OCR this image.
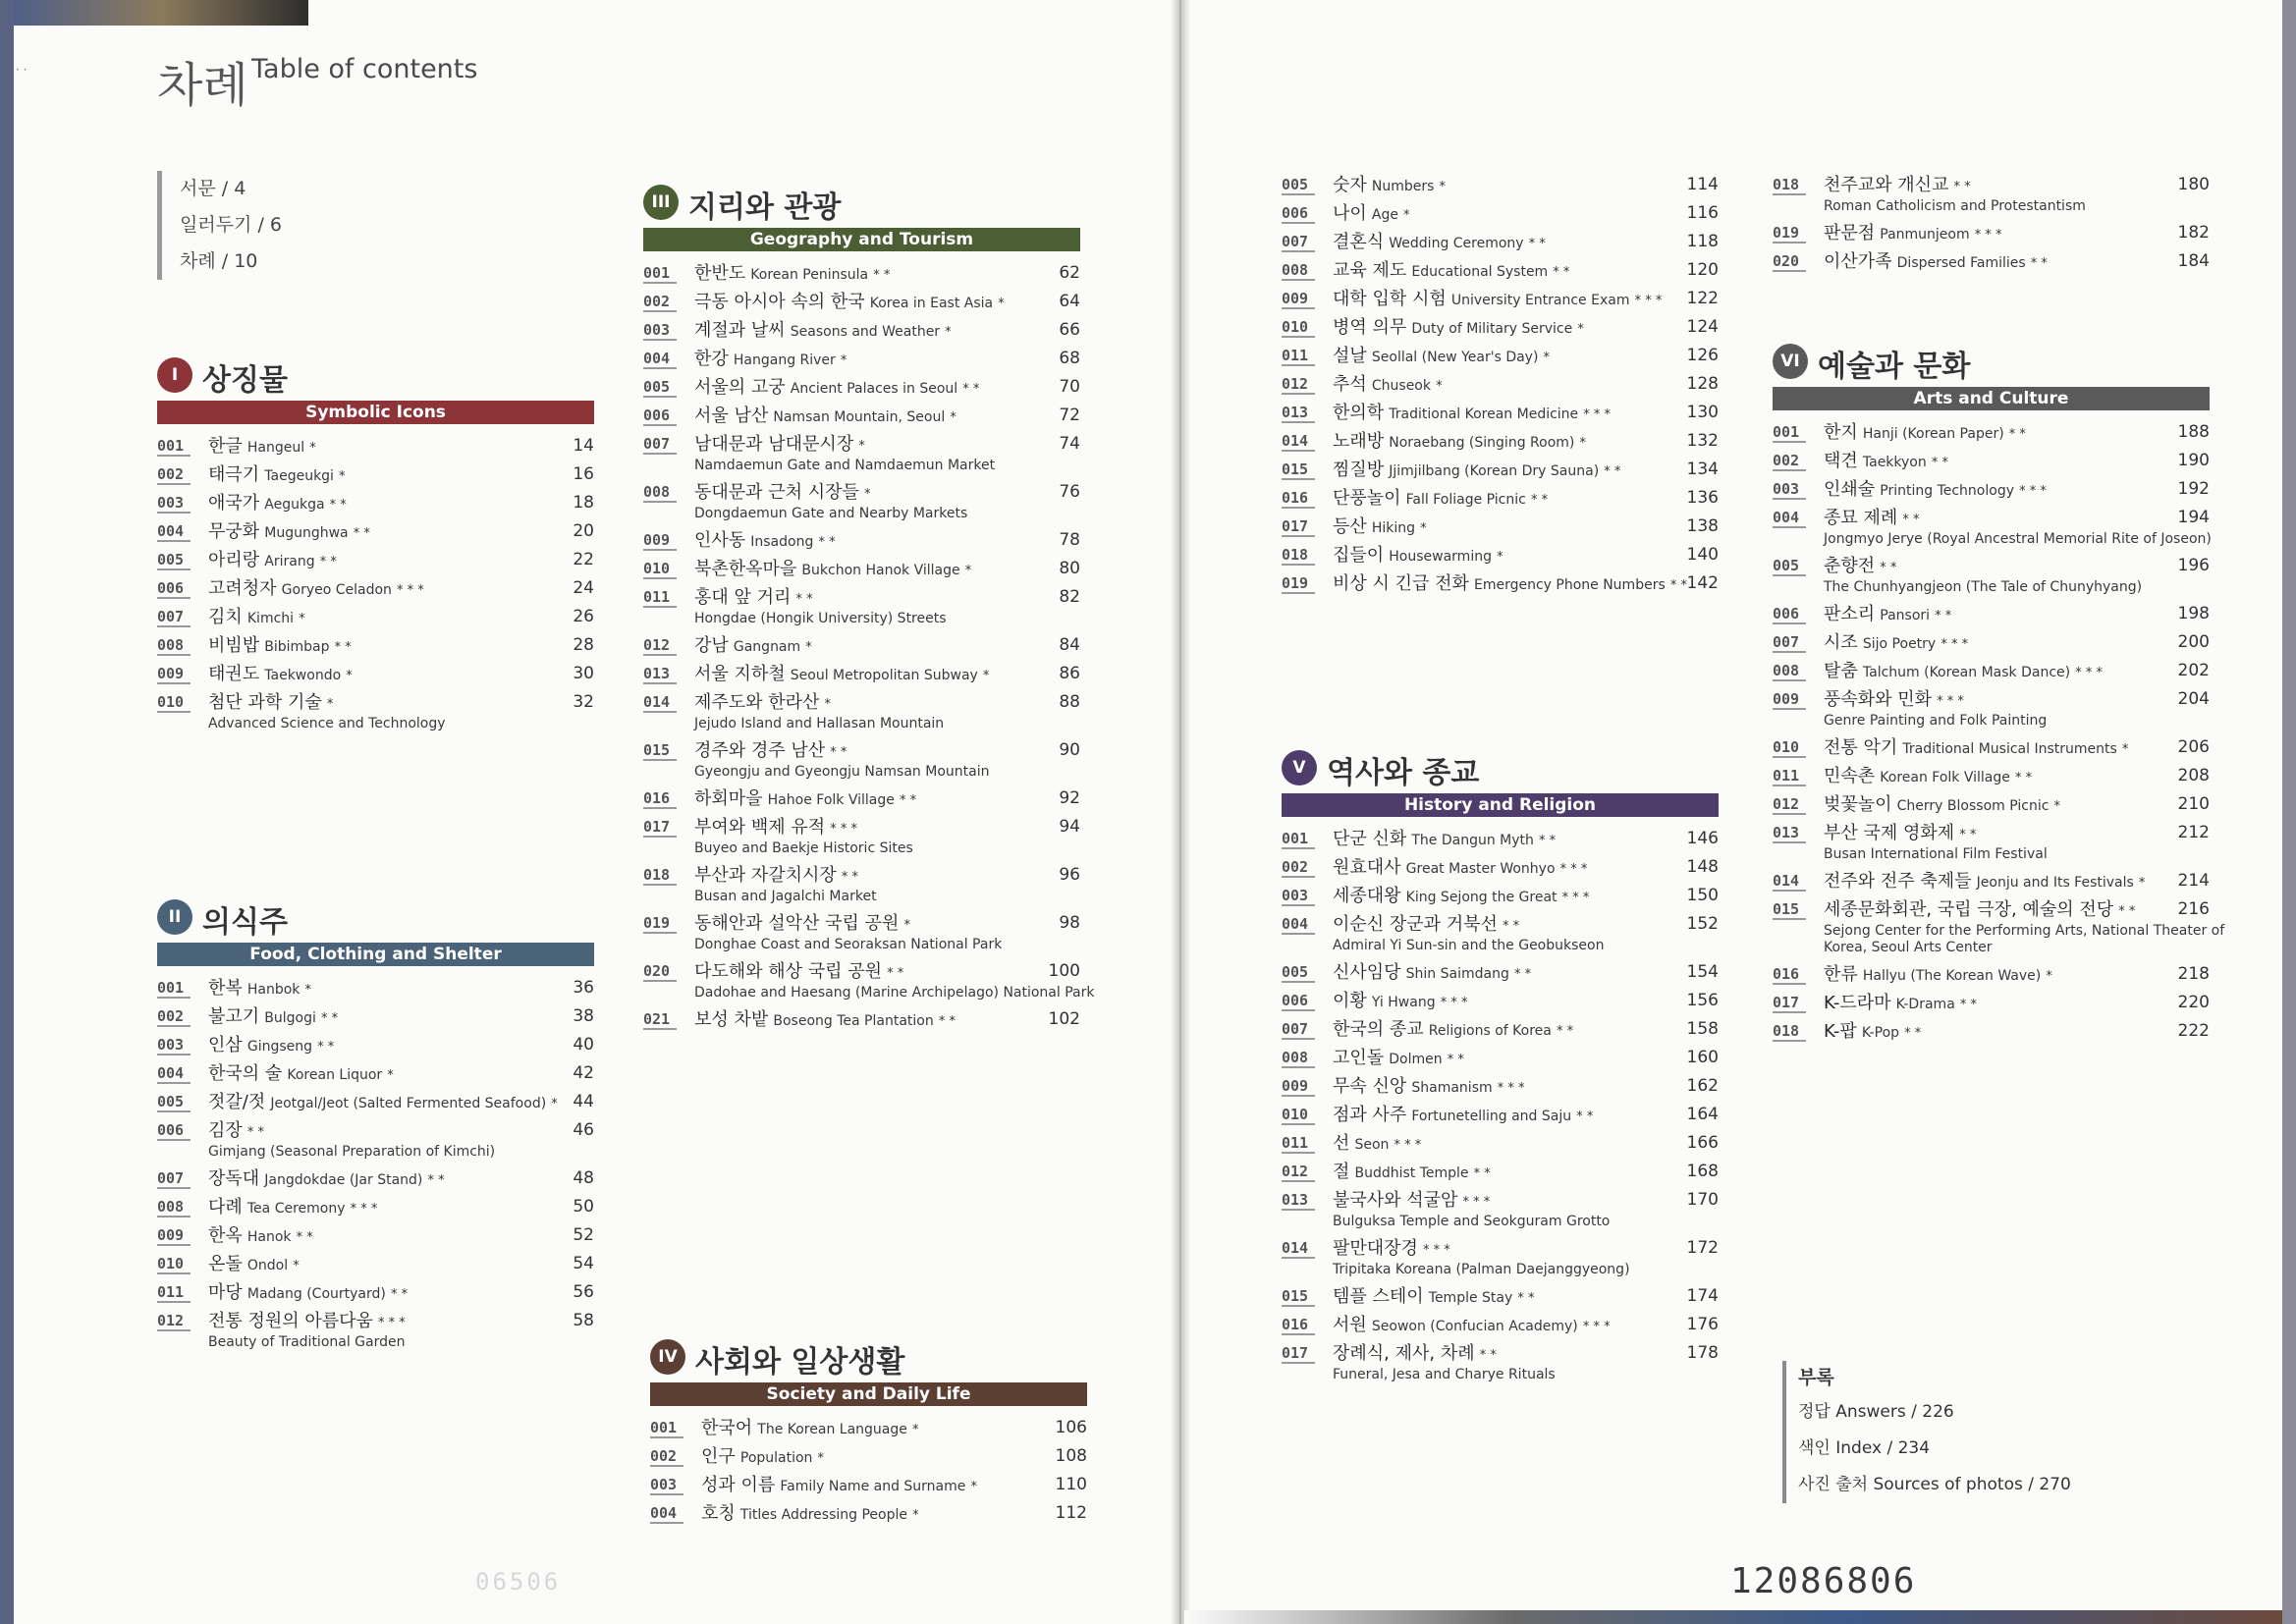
· ·	차례 Table of contents
서문 / 4
일러두기 / 6
차례 / 10
I 상징물
Symbolic Icons
001	한글 Hangeul *	14
002	태극기 Taegeukgi *	16
003	애국가 Aegukga * *	18
004	무궁화 Mugunghwa * *	20
005	아리랑 Arirang * *	22
006	고려청자 Goryeo Celadon * * *	24
007	김치 Kimchi *	26
008	비빔밥 Bibimbap * *	28
009	태권도 Taekwondo *	30
010	첨단 과학 기술 *	32
Advanced Science and Technology
II 의식주
Food, Clothing and Shelter
001	한복 Hanbok *	36
002	불고기 Bulgogi * *	38
003	인삼 Gingseng * *	40
004	한국의 술 Korean Liquor *	42
005	젓갈/젓 Jeotgal/Jeot (Salted Fermented Seafood) * 44
006	김장 * *	46
Gimjang (Seasonal Preparation of Kimchi)
007	장독대 Jangdokdae (Jar Stand) * *	48
008	다례 Tea Ceremony * * *	50
009	한옥 Hanok * *	52
010	온돌 Ondol *	54
011	마당 Madang (Courtyard) * *	56
012	전통 정원의 아름다움 * * *	58
Beauty of Traditional Garden
III 지리와 관광
Geography and Tourism
001	한반도 Korean Peninsula * *	62
002	극동 아시아 속의 한국 Korea in East Asia *	64
003	계절과 날씨 Seasons and Weather *	66
004	한강 Hangang River *	68
005	서울의 고궁 Ancient Palaces in Seoul * *	70
006	서울 남산 Namsan Mountain, Seoul *	72
007	남대문과 남대문시장 *	74
Namdaemun Gate and Namdaemun Market
008	동대문과 근처 시장들 *	76
Dongdaemun Gate and Nearby Markets
009	인사동 Insadong * *	78
010	북촌한옥마을 Bukchon Hanok Village *	80
011	홍대 앞 거리 * *	82
Hongdae (Hongik University) Streets
012	강남 Gangnam *	84
013	서울 지하철 Seoul Metropolitan Subway *	86
014	제주도와 한라산 *	88
Jejudo Island and Hallasan Mountain
015	경주와 경주 남산 * *	90
Gyeongju and Gyeongju Namsan Mountain
016	하회마을 Hahoe Folk Village * *	92
017	부여와 백제 유적 * * *	94
Buyeo and Baekje Historic Sites
018	부산과 자갈치시장 * *	96
Busan and Jagalchi Market
019	동해안과 설악산 국립 공원 *	98
Donghae Coast and Seoraksan National Park
020	다도해와 해상 국립 공원 * *	100
Dadohae and Haesang (Marine Archipelago) National Park
021	보성 차밭 Boseong Tea Plantation * *	102
IV 사회와 일상생활
Society and Daily Life
001	한국어 The Korean Language *	106
002	인구 Population *	108
003	성과 이름 Family Name and Surname *	110
004	호칭 Titles Addressing People *	112
005	숫자 Numbers *	114
006	나이 Age *	116
007	결혼식 Wedding Ceremony * *	118
008	교육 제도 Educational System * *	120
009	대학 입학 시험 University Entrance Exam * * * 122
010	병역 의무 Duty of Military Service *	124
011	설날 Seollal (New Year's Day) *	126
012	추석 Chuseok *	128
013	한의학 Traditional Korean Medicine * * *	130
014	노래방 Noraebang (Singing Room) *	132
015	찜질방 Jjimjilbang (Korean Dry Sauna) * *	134
016	단풍놀이 Fall Foliage Picnic * *	136
017	등산 Hiking *	138
018	집들이 Housewarming *	140
019	비상 시 긴급 전화 Emergency Phone Numbers * * 142
V 역사와 종교
History and Religion
001	단군 신화 The Dangun Myth * *	146
002	원효대사 Great Master Wonhyo * * *	148
003	세종대왕 King Sejong the Great * * *	150
004	이순신 장군과 거북선 * *	152
Admiral Yi Sun-sin and the Geobukseon
005	신사임당 Shin Saimdang * *	154
006	이황 Yi Hwang * * *	156
007	한국의 종교 Religions of Korea * *	158
008	고인돌 Dolmen * *	160
009	무속 신앙 Shamanism * * *	162
010	점과 사주 Fortunetelling and Saju * *	164
011	선 Seon * * *	166
012	절 Buddhist Temple * *	168
013	불국사와 석굴암 * * *	170
Bulguksa Temple and Seokguram Grotto
014	팔만대장경 * * *	172
Tripitaka Koreana (Palman Daejanggyeong)
015	템플 스테이 Temple Stay * *	174
016	서원 Seowon (Confucian Academy) * * *	176
017	장례식, 제사, 차례 * *	178
Funeral, Jesa and Charye Rituals
018	천주교와 개신교 * *	180
Roman Catholicism and Protestantism
019	판문점 Panmunjeom * * *	182
020	이산가족 Dispersed Families * *	184
VI 예술과 문화
Arts and Culture
001	한지 Hanji (Korean Paper) * *	188
002	택견 Taekkyon * *	190
003	인쇄술 Printing Technology * * *	192
004	종묘 제례 * *	194
Jongmyo Jerye (Royal Ancestral Memorial Rite of Joseon)
005	춘향전 * *	196
The Chunhyangjeon (The Tale of Chunyhyang)
006	판소리 Pansori * *	198
007	시조 Sijo Poetry * * *	200
008	탈춤 Talchum (Korean Mask Dance) * * *	202
009	풍속화와 민화 * * *	204
Genre Painting and Folk Painting
010	전통 악기 Traditional Musical Instruments *	206
011	민속촌 Korean Folk Village * *	208
012	벚꽃놀이 Cherry Blossom Picnic *	210
013	부산 국제 영화제 * *	212
Busan International Film Festival
014	전주와 전주 축제들 Jeonju and Its Festivals * 214
015	세종문화회관, 국립 극장, 예술의 전당 * *	216
Sejong Center for the Performing Arts, National Theater of
Korea, Seoul Arts Center
016	한류 Hallyu (The Korean Wave) *	218
017	K-드라마 K-Drama * *	220
018	K-팝 K-Pop * *	222
부록
정답 Answers / 226
색인 Index / 234
사진 출처 Sources of photos / 270
06506	12086806
